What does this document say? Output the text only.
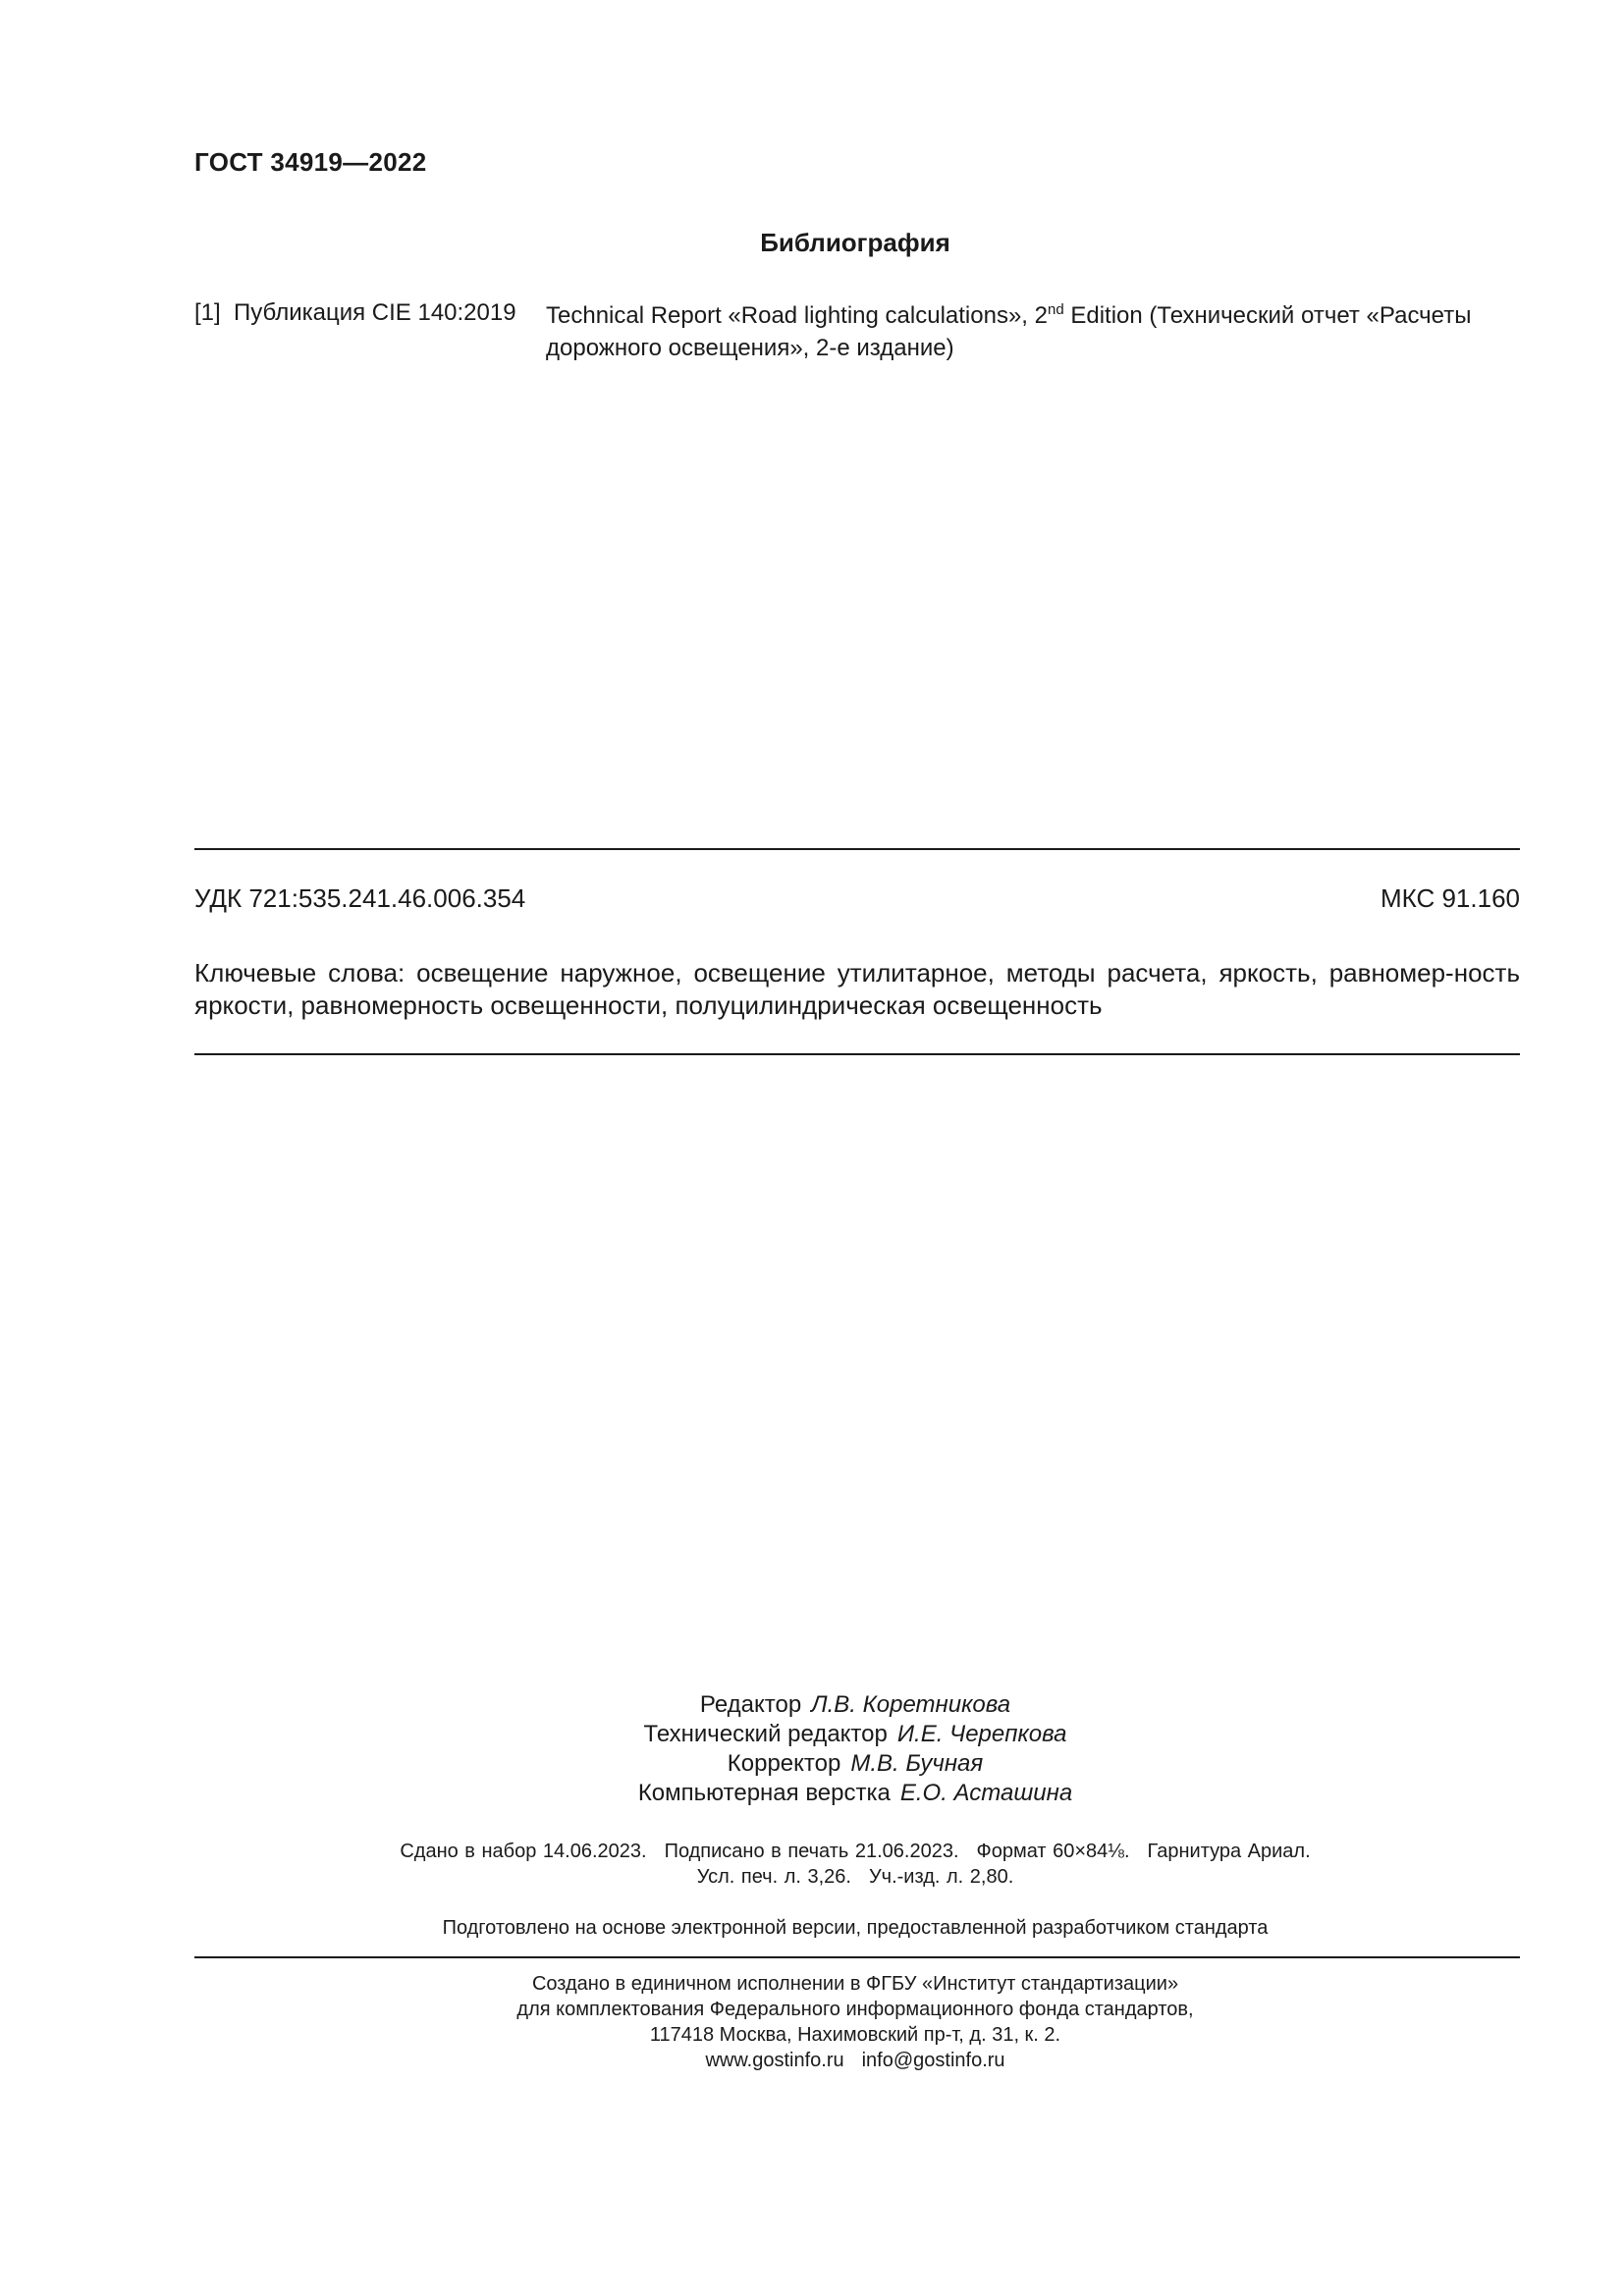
ГОСТ 34919—2022
Библиография
[1] Публикация CIE 140:2019 Technical Report «Road lighting calculations», 2nd Edition (Технический отчет «Расчеты дорожного освещения», 2-е издание)
УДК 721:535.241.46.006.354	МКС 91.160
Ключевые слова: освещение наружное, освещение утилитарное, методы расчета, яркость, равномер-ность яркости, равномерность освещенности, полуцилиндрическая освещенность
Редактор Л.В. Коретникова
Технический редактор И.Е. Черепкова
Корректор М.В. Бучная
Компьютерная верстка Е.О. Асташина
Сдано в набор 14.06.2023. Подписано в печать 21.06.2023. Формат 60×84⅛. Гарнитура Ариал.
Усл. печ. л. 3,26. Уч.-изд. л. 2,80.
Подготовлено на основе электронной версии, предоставленной разработчиком стандарта
Создано в единичном исполнении в ФГБУ «Институт стандартизации»
для комплектования Федерального информационного фонда стандартов,
117418 Москва, Нахимовский пр-т, д. 31, к. 2.
www.gostinfo.ru info@gostinfo.ru
